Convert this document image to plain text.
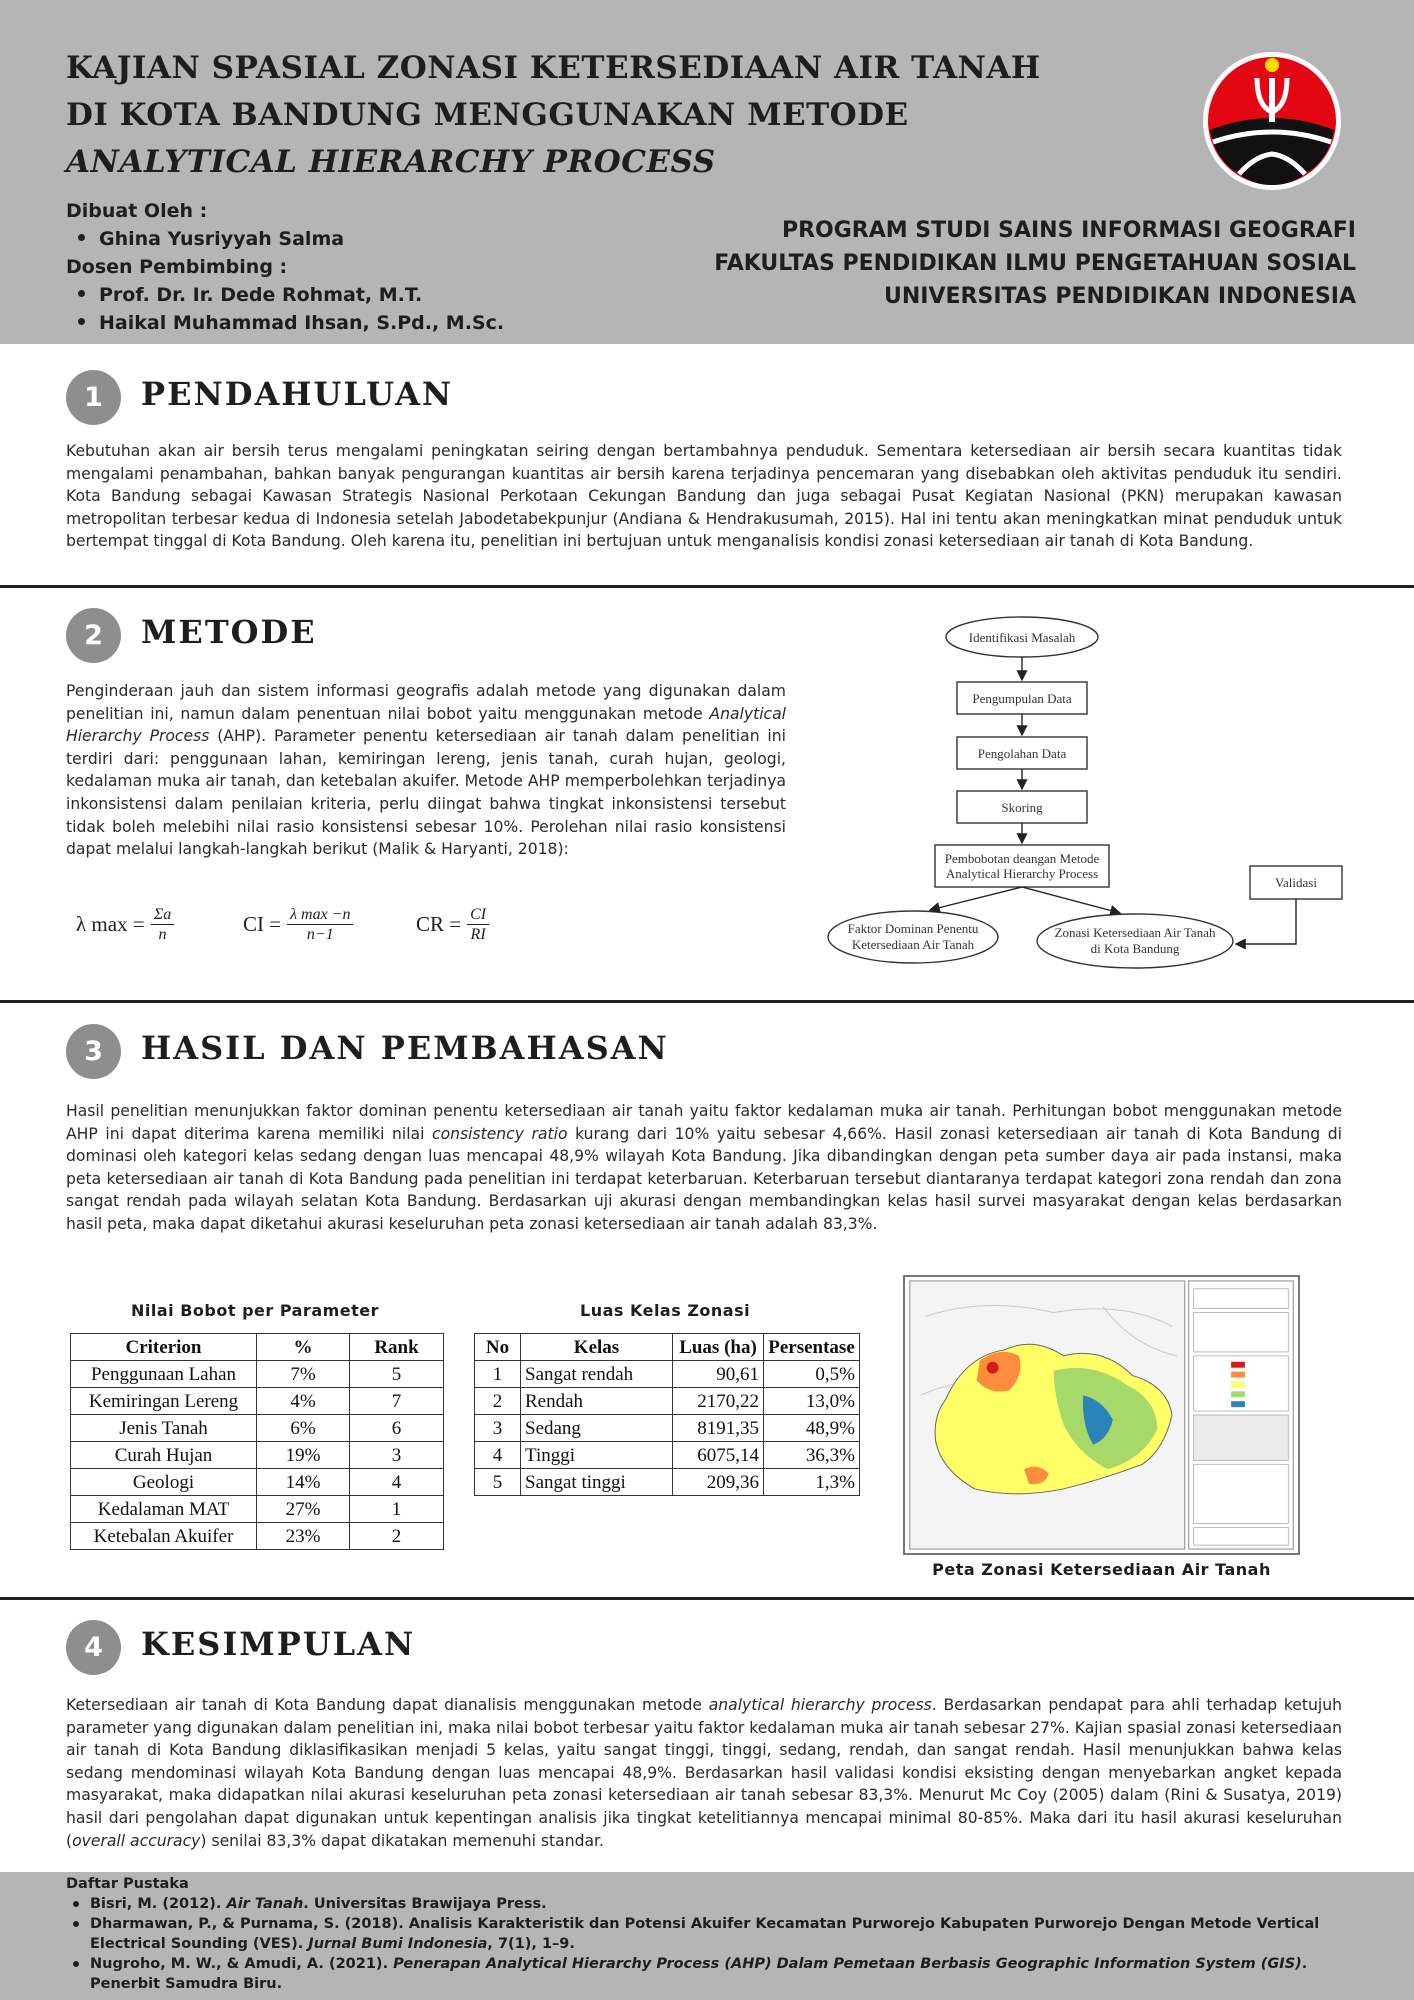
KAJIAN SPASIAL ZONASI KETERSEDIAAN AIR TANAH
DI KOTA BANDUNG MENGGUNAKAN METODE
ANALYTICAL HIERARCHY PROCESS
Dibuat Oleh :
Ghina Yusriyyah Salma
Dosen Pembimbing :
Prof. Dr. Ir. Dede Rohmat, M.T.
Haikal Muhammad Ihsan, S.Pd., M.Sc.
PROGRAM STUDI SAINS INFORMASI GEOGRAFI
FAKULTAS PENDIDIKAN ILMU PENGETAHUAN SOSIAL
UNIVERSITAS PENDIDIKAN INDONESIA
1	PENDAHULUAN
Kebutuhan akan air bersih terus mengalami peningkatan seiring dengan bertambahnya penduduk. Sementara ketersediaan air bersih secara kuantitas tidak mengalami penambahan, bahkan banyak pengurangan kuantitas air bersih karena terjadinya pencemaran yang disebabkan oleh aktivitas penduduk itu sendiri. Kota Bandung sebagai Kawasan Strategis Nasional Perkotaan Cekungan Bandung dan juga sebagai Pusat Kegiatan Nasional (PKN) merupakan kawasan metropolitan terbesar kedua di Indonesia setelah Jabodetabekpunjur (Andiana & Hendrakusumah, 2015). Hal ini tentu akan meningkatkan minat penduduk untuk bertempat tinggal di Kota Bandung. Oleh karena itu, penelitian ini bertujuan untuk menganalisis kondisi zonasi ketersediaan air tanah di Kota Bandung.
2	METODE
Penginderaan jauh dan sistem informasi geografis adalah metode yang digunakan dalam penelitian ini, namun dalam penentuan nilai bobot yaitu menggunakan metode Analytical Hierarchy Process (AHP). Parameter penentu ketersediaan air tanah dalam penelitian ini terdiri dari: penggunaan lahan, kemiringan lereng, jenis tanah, curah hujan, geologi, kedalaman muka air tanah, dan ketebalan akuifer. Metode AHP memperbolehkan terjadinya inkonsistensi dalam penilaian kriteria, perlu diingat bahwa tingkat inkonsistensi tersebut tidak boleh melebihi nilai rasio konsistensi sebesar 10%. Perolehan nilai rasio konsistensi dapat melalui langkah-langkah berikut (Malik & Haryanti, 2018):
λ $\max = \frac{\Sigma a}{n}$	CI = $\frac{\text{λ max −n}}{n-1}$	CR = $\frac{CI}{RI}$
Identifikasi Masalah
Pengumpulan Data
Pengolahan Data
Skoring
Pembobotan deangan Metode
Analytical Hierarchy Process
Validasi
Faktor Dominan Penentu
Ketersediaan Air Tanah
Zonasi Ketersediaan Air Tanah
di Kota Bandung
3	HASIL DAN PEMBAHASAN
Hasil penelitian menunjukkan faktor dominan penentu ketersediaan air tanah yaitu faktor kedalaman muka air tanah. Perhitungan bobot menggunakan metode AHP ini dapat diterima karena memiliki nilai consistency ratio kurang dari 10% yaitu sebesar 4,66%. Hasil zonasi ketersediaan air tanah di Kota Bandung di dominasi oleh kategori kelas sedang dengan luas mencapai 48,9% wilayah Kota Bandung. Jika dibandingkan dengan peta sumber daya air pada instansi, maka peta ketersediaan air tanah di Kota Bandung pada penelitian ini terdapat keterbaruan. Keterbaruan tersebut diantaranya terdapat kategori zona rendah dan zona sangat rendah pada wilayah selatan Kota Bandung. Berdasarkan uji akurasi dengan membandingkan kelas hasil survei masyarakat dengan kelas berdasarkan hasil peta, maka dapat diketahui akurasi keseluruhan peta zonasi ketersediaan air tanah adalah 83,3%.
Nilai Bobot per Parameter
Criterion	%	Rank
Penggunaan Lahan	7%	5
Kemiringan Lereng	4%	7
Jenis Tanah	6%	6
Curah Hujan	19%	3
Geologi	14%	4
Kedalaman MAT	27%	1
Ketebalan Akuifer	23%	2
Luas Kelas Zonasi
No	Kelas	Luas (ha)	Persentase
1	Sangat rendah	90,61	0,5%
2	Rendah	2170,22	13,0%
3	Sedang	8191,35	48,9%
4	Tinggi	6075,14	36,3%
5	Sangat tinggi	209,36	1,3%
Peta Zonasi Ketersediaan Air Tanah
4	KESIMPULAN
Ketersediaan air tanah di Kota Bandung dapat dianalisis menggunakan metode analytical hierarchy process. Berdasarkan pendapat para ahli terhadap ketujuh parameter yang digunakan dalam penelitian ini, maka nilai bobot terbesar yaitu faktor kedalaman muka air tanah sebesar 27%. Kajian spasial zonasi ketersediaan air tanah di Kota Bandung diklasifikasikan menjadi 5 kelas, yaitu sangat tinggi, tinggi, sedang, rendah, dan sangat rendah. Hasil menunjukkan bahwa kelas sedang mendominasi wilayah Kota Bandung dengan luas mencapai 48,9%. Berdasarkan hasil validasi kondisi eksisting dengan menyebarkan angket kepada masyarakat, maka didapatkan nilai akurasi keseluruhan peta zonasi ketersediaan air tanah sebesar 83,3%. Menurut Mc Coy (2005) dalam (Rini & Susatya, 2019) hasil dari pengolahan dapat digunakan untuk kepentingan analisis jika tingkat ketelitiannya mencapai minimal 80-85%. Maka dari itu hasil akurasi keseluruhan (overall accuracy) senilai 83,3% dapat dikatakan memenuhi standar.
Daftar Pustaka
Bisri, M. (2012). Air Tanah. Universitas Brawijaya Press.
Dharmawan, P., & Purnama, S. (2018). Analisis Karakteristik dan Potensi Akuifer Kecamatan Purworejo Kabupaten Purworejo Dengan Metode Vertical Electrical Sounding (VES). Jurnal Bumi Indonesia, 7(1), 1–9.
Nugroho, M. W., & Amudi, A. (2021). Penerapan Analytical Hierarchy Process (AHP) Dalam Pemetaan Berbasis Geographic Information System (GIS). Penerbit Samudra Biru.
